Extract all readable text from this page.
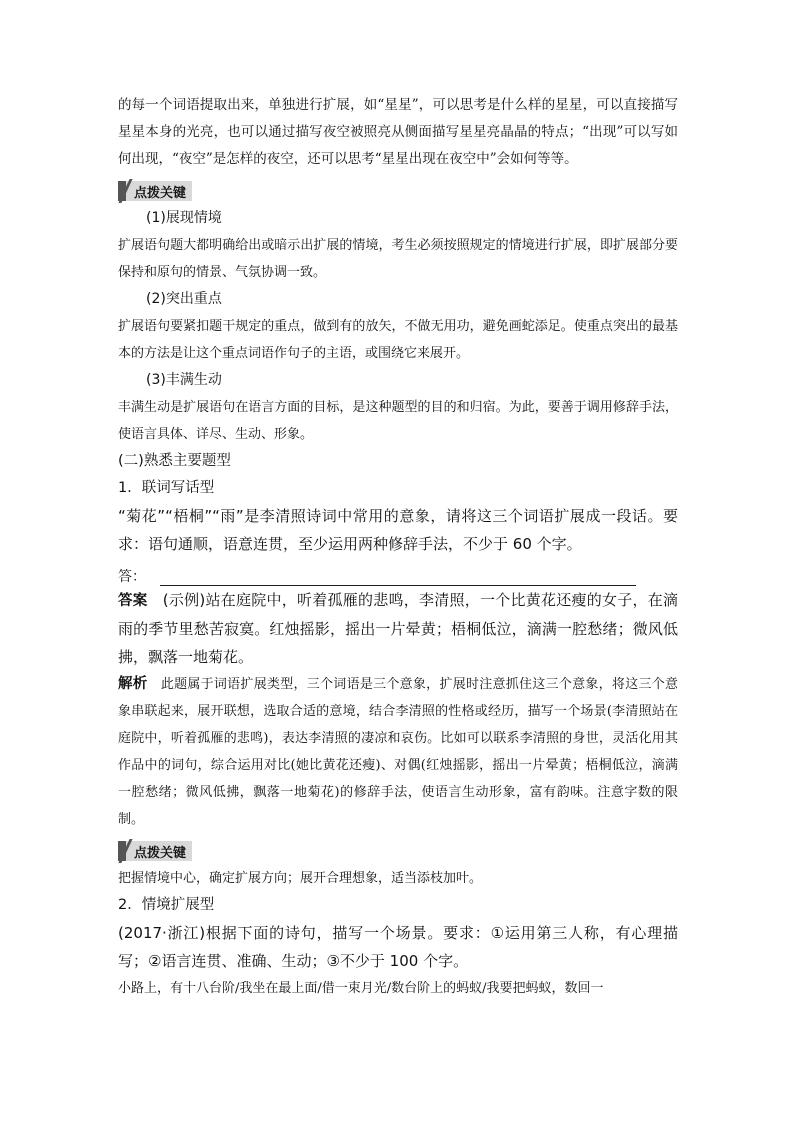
的每一个词语提取出来，单独进行扩展，如“星星”，可以思考是什么样的星星，可以直接描写星星本身的光亮，也可以通过描写夜空被照亮从侧面描写星星亮晶晶的特点；“出现”可以写如何出现，“夜空”是怎样的夜空，还可以思考“星星出现在夜空中”会如何等等。

点拨关键

(1)展现情境

扩展语句题大都明确给出或暗示出扩展的情境，考生必须按照规定的情境进行扩展，即扩展部分要保持和原句的情景、气氛协调一致。

(2)突出重点

扩展语句要紧扣题干规定的重点，做到有的放矢，不做无用功，避免画蛇添足。使重点突出的最基本的方法是让这个重点词语作句子的主语，或围绕它来展开。

(3)丰满生动

丰满生动是扩展语句在语言方面的目标，是这种题型的目的和归宿。为此，要善于调用修辞手法，使语言具体、详尽、生动、形象。

(二)熟悉主要题型

1．联词写话型

“菊花”“梧桐”“雨”是李清照诗词中常用的意象，请将这三个词语扩展成一段话。要求：语句通顺，语意连贯，至少运用两种修辞手法，不少于 60 个字。

答：

答案　(示例)站在庭院中，听着孤雁的悲鸣，李清照，一个比黄花还瘦的女子，在滴雨的季节里愁苦寂寞。红烛摇影，摇出一片晕黄；梧桐低泣，滴满一腔愁绪；微风低拂，飘落一地菊花。

解析　此题属于词语扩展类型，三个词语是三个意象，扩展时注意抓住这三个意象，将这三个意象串联起来，展开联想，选取合适的意境，结合李清照的性格或经历，描写一个场景(李清照站在庭院中，听着孤雁的悲鸣)，表达李清照的凄凉和哀伤。比如可以联系李清照的身世，灵活化用其作品中的词句，综合运用对比(她比黄花还瘦)、对偶(红烛摇影，摇出一片晕黄；梧桐低泣，滴满一腔愁绪；微风低拂，飘落一地菊花)的修辞手法，使语言生动形象，富有韵味。注意字数的限制。

点拨关键

把握情境中心，确定扩展方向；展开合理想象，适当添枝加叶。

2．情境扩展型

(2017·浙江)根据下面的诗句，描写一个场景。要求：①运用第三人称，有心理描写；②语言连贯、准确、生动；③不少于 100 个字。

小路上，有十八台阶/我坐在最上面/借一束月光/数台阶上的蚂蚁/我要把蚂蚁，数回一
